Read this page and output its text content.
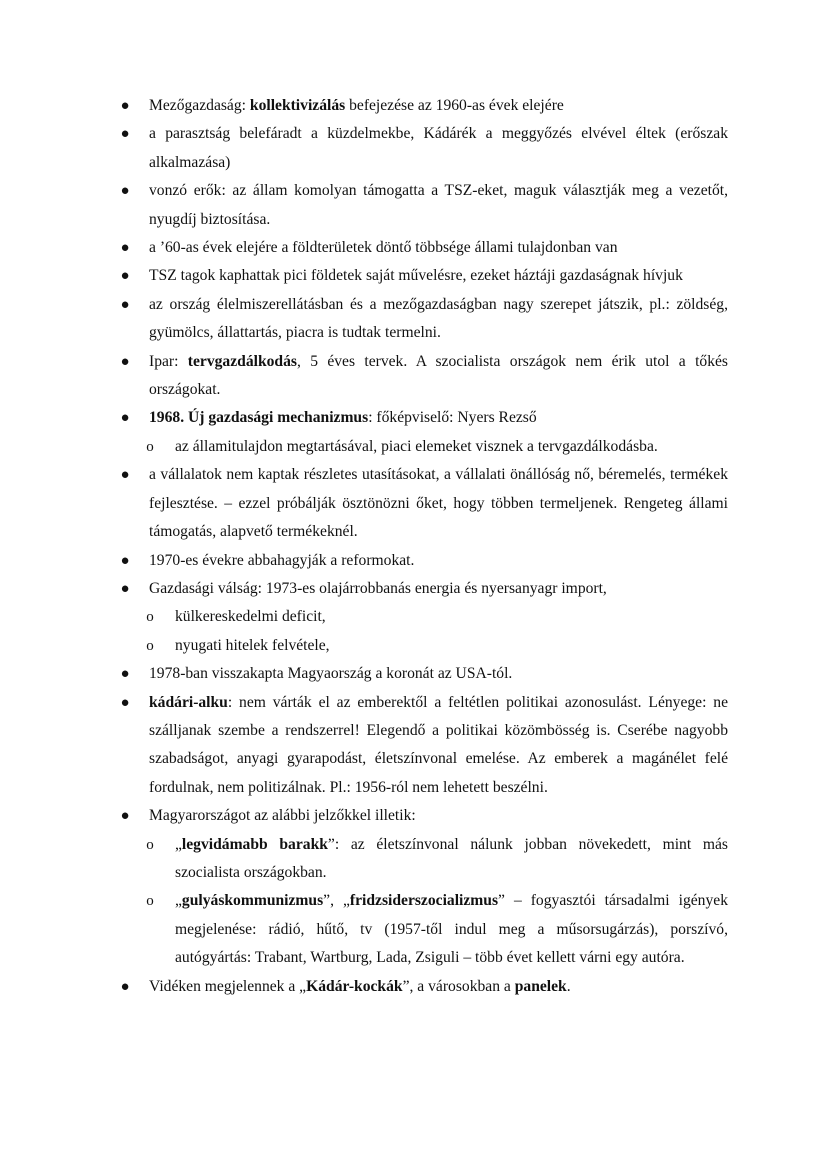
● Mezőgazdaság: kollektivizálás befejezése az 1960-as évek elejére
● a parasztság belefáradt a küzdelmekbe, Kádárék a meggyőzés elvével éltek (erőszak alkalmazása)
● vonzó erők: az állam komolyan támogatta a TSZ-eket, maguk választják meg a vezetőt, nyugdíj biztosítása.
● a ’60-as évek elejére a földterületek döntő többsége állami tulajdonban van
● TSZ tagok kaphattak pici földetek saját művelésre, ezeket háztáji gazdaságnak hívjuk
● az ország élelmiszerellátásban és a mezőgazdaságban nagy szerepet játszik, pl.: zöldség, gyümölcs, állattartás, piacra is tudtak termelni.
● Ipar: tervgazdálkodás, 5 éves tervek. A szocialista országok nem érik utol a tőkés országokat.
● 1968. Új gazdasági mechanizmus: főképviselő: Nyers Rezső
o az államitulajdon megtartásával, piaci elemeket visznek a tervgazdálkodásba.
● a vállalatok nem kaptak részletes utasításokat, a vállalati önállóság nő, béremelés, termékek fejlesztése. – ezzel próbálják ösztönözni őket, hogy többen termeljenek. Rengeteg állami támogatás, alapvető termékeknél.
● 1970-es évekre abbahagyják a reformokat.
● Gazdasági válság: 1973-es olajárrobbanás energia és nyersanyagr import,
o külkereskedelmi deficit,
o nyugati hitelek felvétele,
● 1978-ban visszakapta Magyaország a koronát az USA-tól.
● kádári-alku: nem várták el az emberektől a feltétlen politikai azonosulást. Lényege: ne szálljanak szembe a rendszerrel! Elegendő a politikai közömbösség is. Cserébe nagyobb szabadságot, anyagi gyarapodást, életszínvonal emelése. Az emberek a magánélet felé fordulnak, nem politizálnak. Pl.: 1956-ról nem lehetett beszélni.
● Magyarországot az alábbi jelzőkkel illetik:
o „legvidámabb barakk”: az életszínvonal nálunk jobban növekedett, mint más szocialista országokban.
o „gulyáskommunizmus”, „fridzsiderszocializmus” – fogyasztói társadalmi igények megjelenése: rádió, hűtő, tv (1957-től indul meg a műsorsugárzás), porszívó, autógyártás: Trabant, Wartburg, Lada, Zsiguli – több évet kellett várni egy autóra.
● Vidéken megjelennek a „Kádár-kockák”, a városokban a panelek.
